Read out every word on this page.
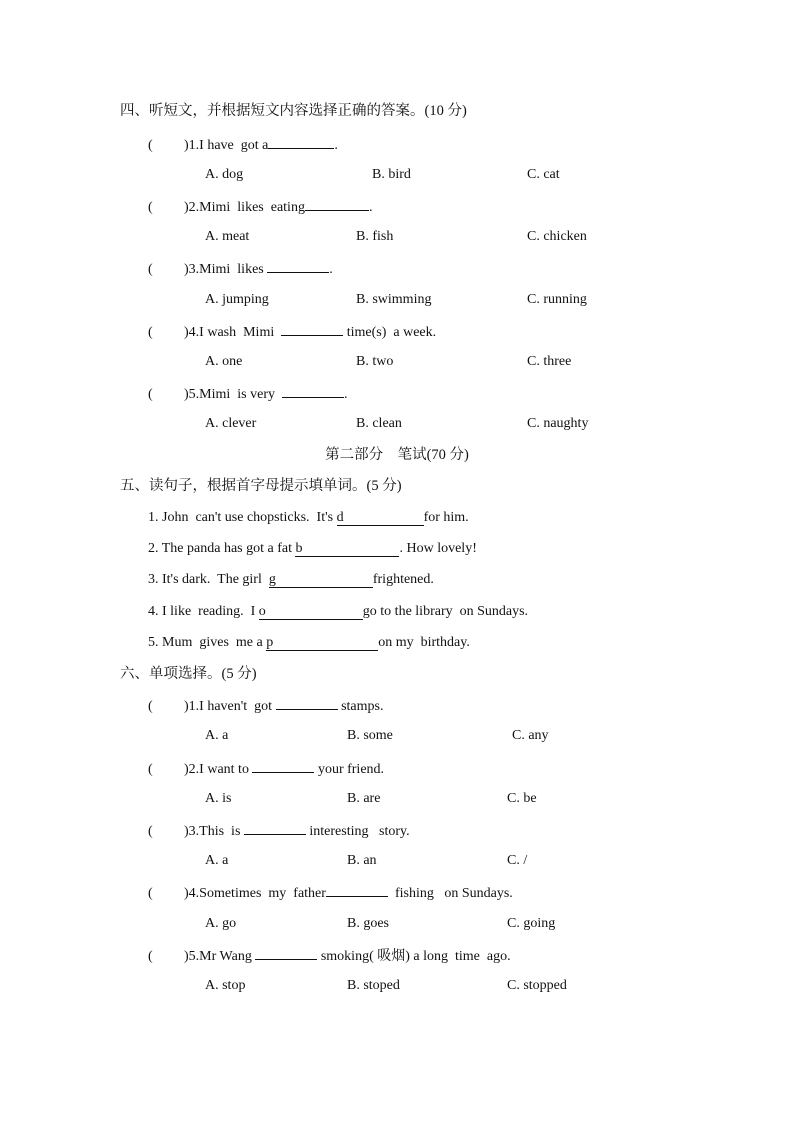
四、听短文，并根据短文内容选择正确的答案。(10 分)
( )1.I have  got a	.
A. dog	B. bird	C. cat
( )2.Mimi  likes  eating	.
A. meat	B. fish	C. chicken
( )3.Mimi  likes	.
A. jumping	B. swimming	C. running
( )4.I wash  Mimi	time(s)  a week.
A. one	B. two	C. three
( )5.Mimi  is very	.
A. clever	B. clean	C. naughty
第二部分    笔试(70 分)
五、读句子，根据首字母提示填单词。(5 分)
1. John  can't use chopsticks.  It's d	for him.
2. The panda has got a fat b	. How lovely!
3. It's dark.  The girl  g	frightened.
4. I like  reading.  I o	go to the library  on Sundays.
5. Mum  gives  me a p	on my  birthday.
六、单项选择。(5 分)
( )1.I haven't  got	stamps.
A. a	B. some	C. any
( )2.I want to	your friend.
A. is	B. are	C. be
( )3.This  is	interesting   story.
A. a	B. an	C. /
( )4.Sometimes  my  father	fishing   on Sundays.
A. go	B. goes	C. going
( )5.Mr Wang	smoking( 吸烟) a long  time  ago.
A. stop	B. stoped	C. stopped
